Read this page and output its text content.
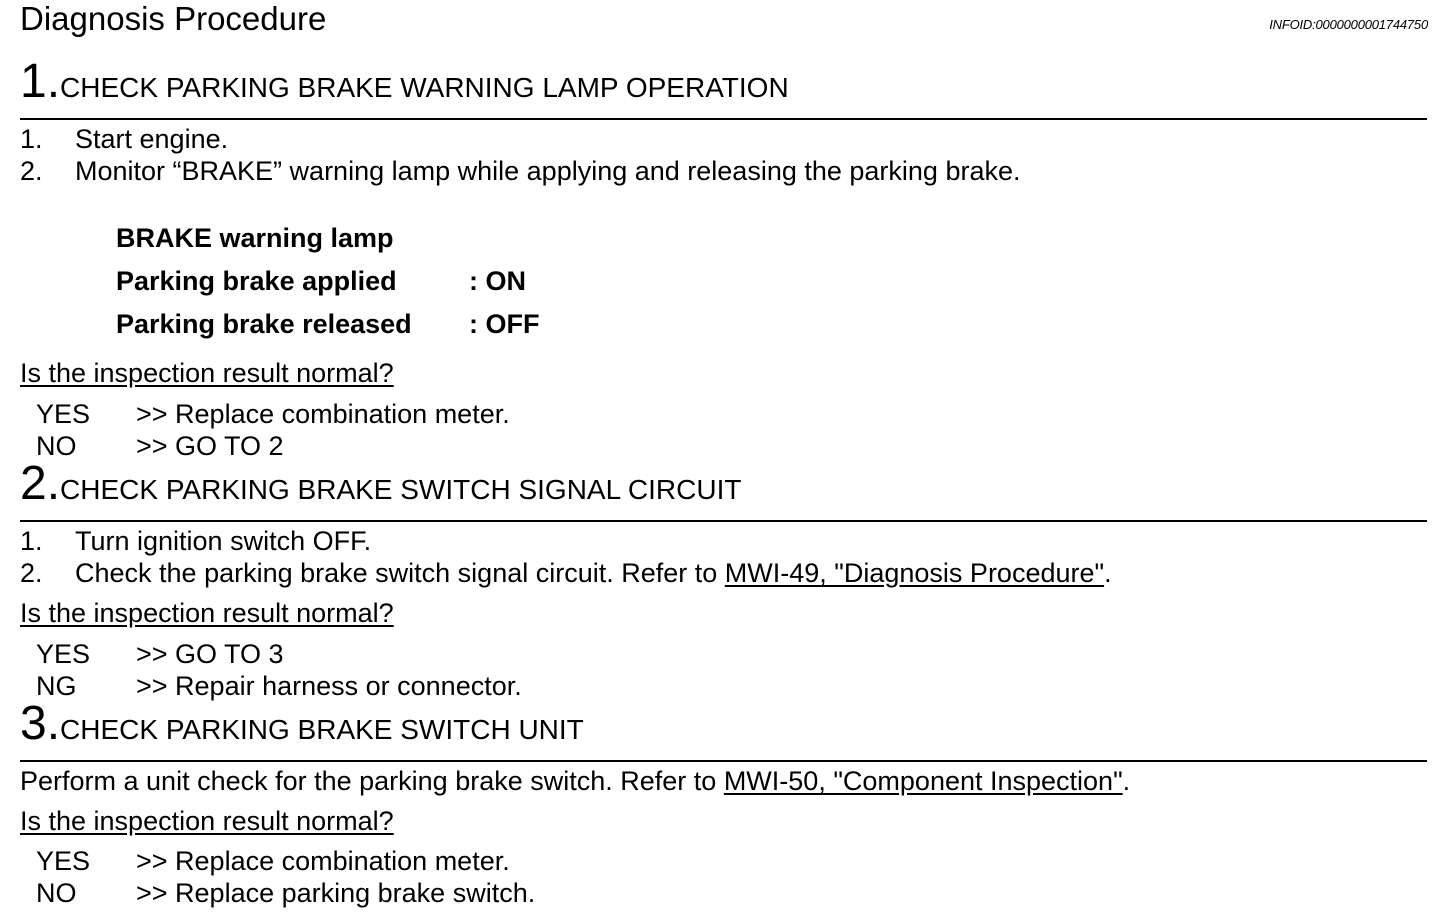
Diagnosis Procedure	INFOID:0000000001744750
1. CHECK PARKING BRAKE WARNING LAMP OPERATION
1.	Start engine.
2.	Monitor “BRAKE” warning lamp while applying and releasing the parking brake.
BRAKE warning lamp
Parking brake applied	: ON
Parking brake released : OFF
Is the inspection result normal?
YES	>> Replace combination meter.
NO	>> GO TO 2
2. CHECK PARKING BRAKE SWITCH SIGNAL CIRCUIT
1.	Turn ignition switch OFF.
2.	Check the parking brake switch signal circuit. Refer to MWI-49, "Diagnosis Procedure".
Is the inspection result normal?
YES	>> GO TO 3
NG	>> Repair harness or connector.
3. CHECK PARKING BRAKE SWITCH UNIT
Perform a unit check for the parking brake switch. Refer to MWI-50, "Component Inspection".
Is the inspection result normal?
YES	>> Replace combination meter.
NO	>> Replace parking brake switch.
